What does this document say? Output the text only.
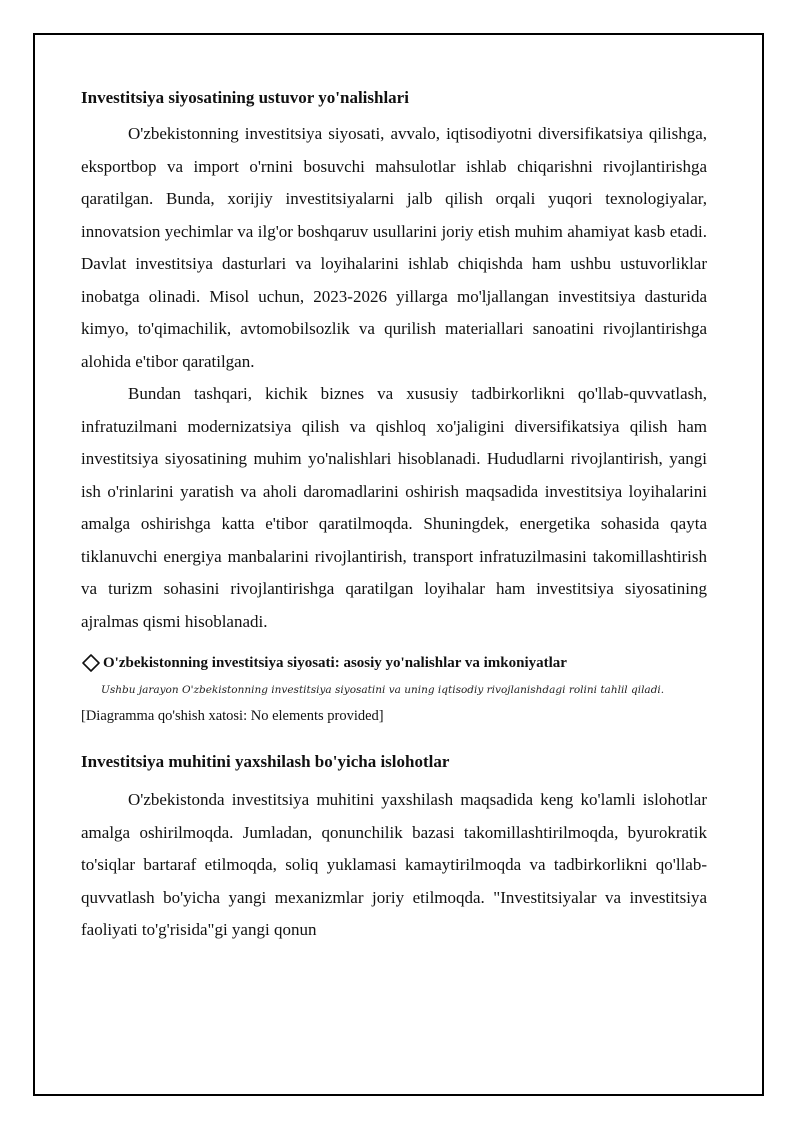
Investitsiya siyosatining ustuvor yo'nalishlari

O'zbekistonning investitsiya siyosati, avvalo, iqtisodiyotni diversifikatsiya qilishga, eksportbop va import o'rnini bosuvchi mahsulotlar ishlab chiqarishni rivojlantirishga qaratilgan. Bunda, xorijiy investitsiyalarni jalb qilish orqali yuqori texnologiyalar, innovatsion yechimlar va ilg'or boshqaruv usullarini joriy etish muhim ahamiyat kasb etadi. Davlat investitsiya dasturlari va loyihalarini ishlab chiqishda ham ushbu ustuvorliklar inobatga olinadi. Misol uchun, 2023-2026 yillarga mo'ljallangan investitsiya dasturida kimyo, to'qimachilik, avtomobilsozlik va qurilish materiallari sanoatini rivojlantirishga alohida e'tibor qaratilgan.

Bundan tashqari, kichik biznes va xususiy tadbirkorlikni qo'llab-quvvatlash, infratuzilmani modernizatsiya qilish va qishloq xo'jaligini diversifikatsiya qilish ham investitsiya siyosatining muhim yo'nalishlari hisoblanadi. Hududlarni rivojlantirish, yangi ish o'rinlarini yaratish va aholi daromadlarini oshirish maqsadida investitsiya loyihalarini amalga oshirishga katta e'tibor qaratilmoqda. Shuningdek, energetika sohasida qayta tiklanuvchi energiya manbalarini rivojlantirish, transport infratuzilmasini takomillashtirish va turizm sohasini rivojlantirishga qaratilgan loyihalar ham investitsiya siyosatining ajralmas qismi hisoblanadi.

O'zbekistonning investitsiya siyosati: asosiy yo'nalishlar va imkoniyatlar
Ushbu jarayon O'zbekistonning investitsiya siyosatini va uning iqtisodiy rivojlanishdagi rolini tahlil qiladi.
[Diagramma qo'shish xatosi: No elements provided]
Investitsiya muhitini yaxshilash bo'yicha islohotlar

O'zbekistonda investitsiya muhitini yaxshilash maqsadida keng ko'lamli islohotlar amalga oshirilmoqda. Jumladan, qonunchilik bazasi takomillashtirilmoqda, byurokratik to'siqlar bartaraf etilmoqda, soliq yuklamasi kamaytirilmoqda va tadbirkorlikni qo'llab-quvvatlash bo'yicha yangi mexanizmlar joriy etilmoqda. "Investitsiyalar va investitsiya faoliyati to'g'risida"gi yangi qonun
